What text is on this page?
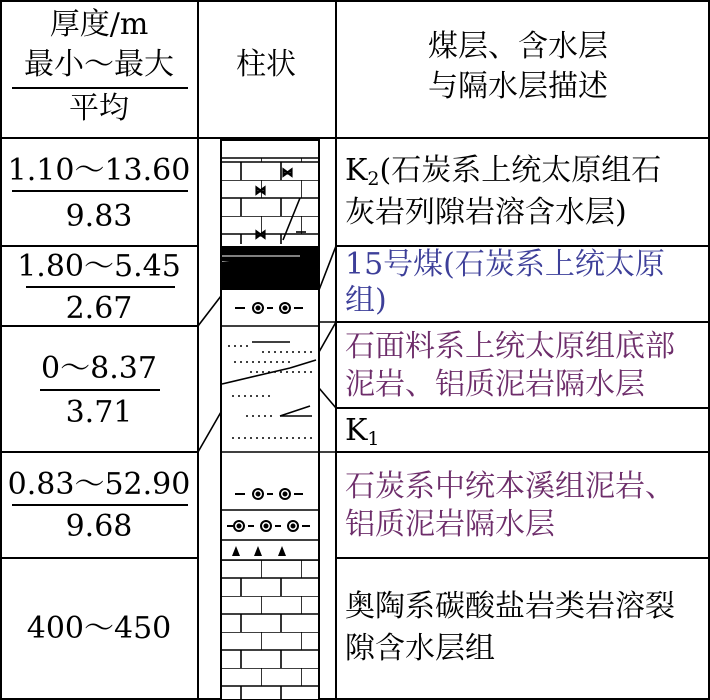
⋈
⋈
⋈
厚度/m
最小～最大
平均
柱状
煤层、含水层
与隔水层描述
1.10～13.60
9.83
K2(石炭系上统太原组石
灰岩列隙岩溶含水层)
1.80～5.45
2.67
15号煤(石炭系上统太原
组)
0～8.37
3.71
石面料系上统太原组底部
泥岩、铝质泥岩隔水层
K1
0.83～52.90
9.68
石炭系中统本溪组泥岩、
铝质泥岩隔水层
400～450
奥陶系碳酸盐岩类岩溶裂
隙含水层组
